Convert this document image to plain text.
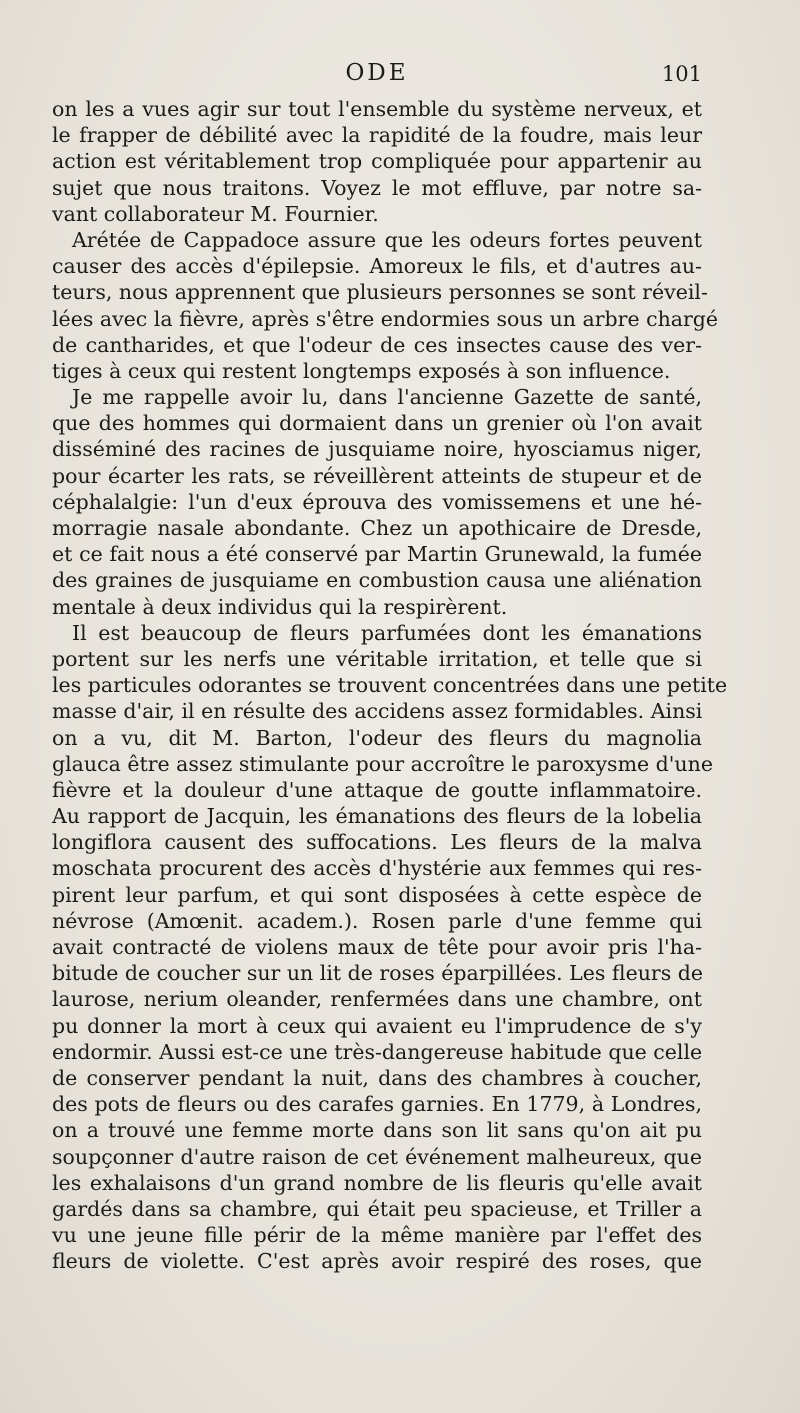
ODE	101
on les a vues agir sur tout l'ensemble du système nerveux, et
le frapper de débilité avec la rapidité de la foudre, mais leur
action est véritablement trop compliquée pour appartenir au
sujet que nous traitons. Voyez le mot effluve, par notre sa-
vant collaborateur M. Fournier.
Arétée de Cappadoce assure que les odeurs fortes peuvent
causer des accès d'épilepsie. Amoreux le fils, et d'autres au-
teurs, nous apprennent que plusieurs personnes se sont réveil-
lées avec la fièvre, après s'être endormies sous un arbre chargé
de cantharides, et que l'odeur de ces insectes cause des ver-
tiges à ceux qui restent longtemps exposés à son influence.
Je me rappelle avoir lu, dans l'ancienne Gazette de santé,
que des hommes qui dormaient dans un grenier où l'on avait
disséminé des racines de jusquiame noire, hyosciamus niger,
pour écarter les rats, se réveillèrent atteints de stupeur et de
céphalalgie: l'un d'eux éprouva des vomissemens et une hé-
morragie nasale abondante. Chez un apothicaire de Dresde,
et ce fait nous a été conservé par Martin Grunewald, la fumée
des graines de jusquiame en combustion causa une aliénation
mentale à deux individus qui la respirèrent.
Il est beaucoup de fleurs parfumées dont les émanations
portent sur les nerfs une véritable irritation, et telle que si
les particules odorantes se trouvent concentrées dans une petite
masse d'air, il en résulte des accidens assez formidables. Ainsi
on a vu, dit M. Barton, l'odeur des fleurs du magnolia
glauca être assez stimulante pour accroître le paroxysme d'une
fièvre et la douleur d'une attaque de goutte inflammatoire.
Au rapport de Jacquin, les émanations des fleurs de la lobelia
longiflora causent des suffocations. Les fleurs de la malva
moschata procurent des accès d'hystérie aux femmes qui res-
pirent leur parfum, et qui sont disposées à cette espèce de
névrose (Amœnit. academ.). Rosen parle d'une femme qui
avait contracté de violens maux de tête pour avoir pris l'ha-
bitude de coucher sur un lit de roses éparpillées. Les fleurs de
laurose, nerium oleander, renfermées dans une chambre, ont
pu donner la mort à ceux qui avaient eu l'imprudence de s'y
endormir. Aussi est-ce une très-dangereuse habitude que celle
de conserver pendant la nuit, dans des chambres à coucher,
des pots de fleurs ou des carafes garnies. En 1779, à Londres,
on a trouvé une femme morte dans son lit sans qu'on ait pu
soupçonner d'autre raison de cet événement malheureux, que
les exhalaisons d'un grand nombre de lis fleuris qu'elle avait
gardés dans sa chambre, qui était peu spacieuse, et Triller a
vu une jeune fille périr de la même manière par l'effet des
fleurs de violette. C'est après avoir respiré des roses, que
